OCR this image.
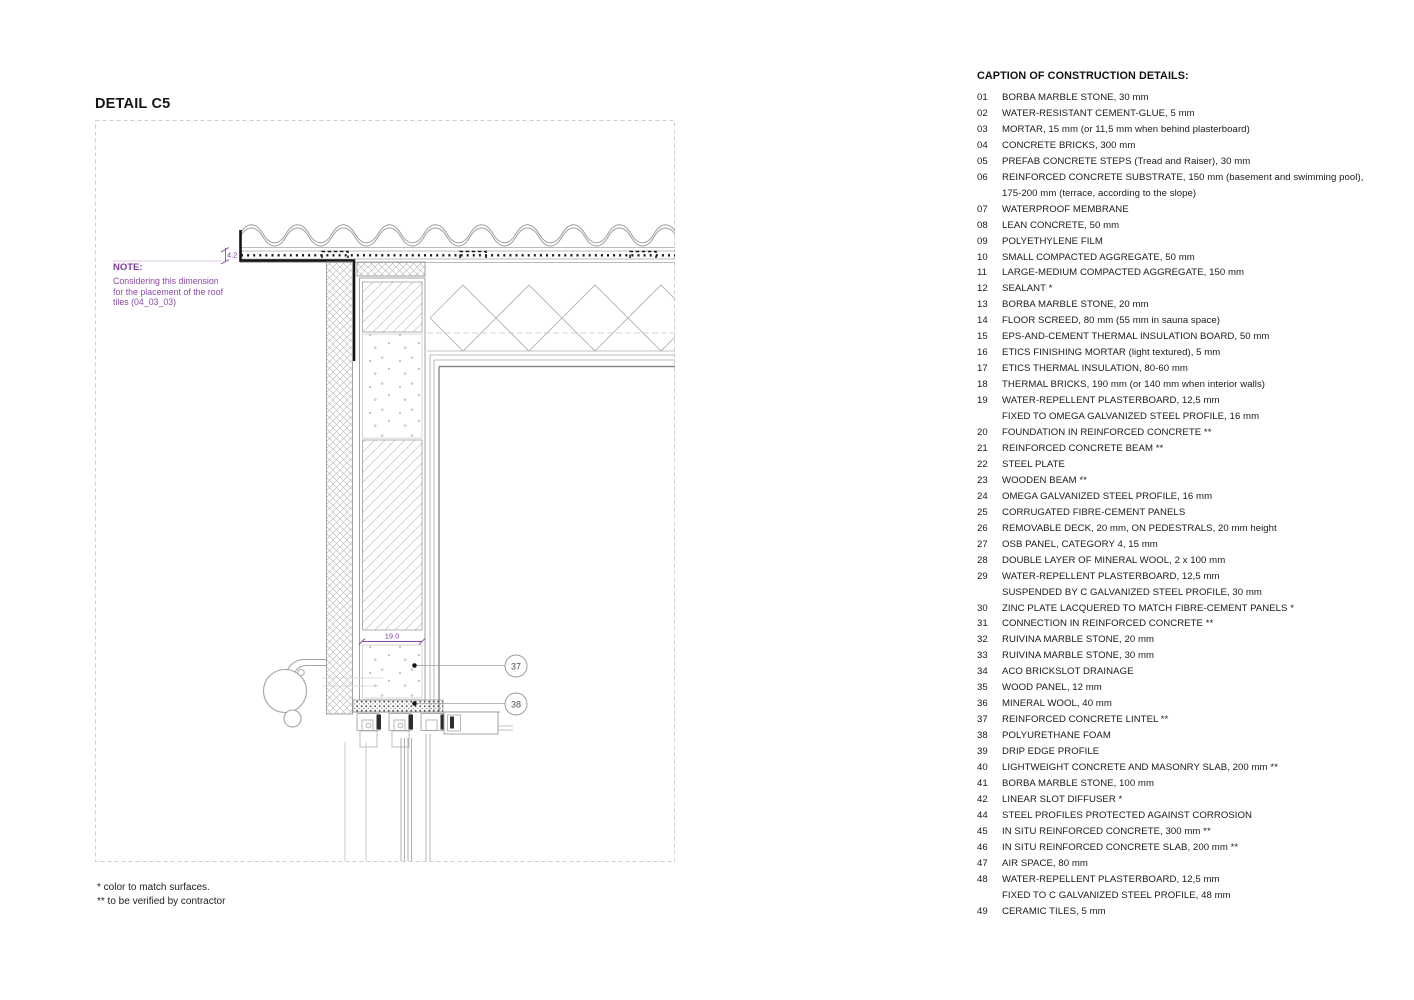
DETAIL C5
4.2
19.0
37
38
NOTE:
Considering this dimension
for the placement of the roof
tiles (04_03_03)
* color to match surfaces.
** to be verified by contractor
CAPTION OF CONSTRUCTION DETAILS:
01	BORBA MARBLE STONE, 30 mm
02	WATER-RESISTANT CEMENT-GLUE, 5 mm
03	MORTAR, 15 mm (or 11,5 mm when behind plasterboard)
04	CONCRETE BRICKS, 300 mm
05	PREFAB CONCRETE STEPS (Tread and Raiser), 30 mm
06	REINFORCED CONCRETE SUBSTRATE, 150 mm (basement and swimming pool),
175-200 mm (terrace, according to the slope)
07	WATERPROOF MEMBRANE
08	LEAN CONCRETE, 50 mm
09	POLYETHYLENE FILM
10	SMALL COMPACTED AGGREGATE, 50 mm
11	LARGE-MEDIUM COMPACTED AGGREGATE, 150 mm
12	SEALANT *
13	BORBA MARBLE STONE, 20 mm
14	FLOOR SCREED, 80 mm (55 mm in sauna space)
15	EPS-AND-CEMENT THERMAL INSULATION BOARD, 50 mm
16	ETICS FINISHING MORTAR (light textured), 5 mm
17	ETICS THERMAL INSULATION, 80-60 mm
18	THERMAL BRICKS, 190 mm (or 140 mm when interior walls)
19	WATER-REPELLENT PLASTERBOARD, 12,5 mm
FIXED TO OMEGA GALVANIZED STEEL PROFILE, 16 mm
20	FOUNDATION IN REINFORCED CONCRETE **
21	REINFORCED CONCRETE BEAM **
22	STEEL PLATE
23	WOODEN BEAM **
24	OMEGA GALVANIZED STEEL PROFILE, 16 mm
25	CORRUGATED FIBRE-CEMENT PANELS
26	REMOVABLE DECK, 20 mm, ON PEDESTRALS, 20 mm height
27	OSB PANEL, CATEGORY 4, 15 mm
28	DOUBLE LAYER OF MINERAL WOOL, 2 x 100 mm
29	WATER-REPELLENT PLASTERBOARD, 12,5 mm
SUSPENDED BY C GALVANIZED STEEL PROFILE, 30 mm
30	ZINC PLATE LACQUERED TO MATCH FIBRE-CEMENT PANELS *
31	CONNECTION IN REINFORCED CONCRETE **
32	RUIVINA MARBLE STONE, 20 mm
33	RUIVINA MARBLE STONE, 30 mm
34	ACO BRICKSLOT DRAINAGE
35	WOOD PANEL, 12 mm
36	MINERAL WOOL, 40 mm
37	REINFORCED CONCRETE LINTEL **
38	POLYURETHANE FOAM
39	DRIP EDGE PROFILE
40	LIGHTWEIGHT CONCRETE AND MASONRY SLAB, 200 mm **
41	BORBA MARBLE STONE, 100 mm
42	LINEAR SLOT DIFFUSER *
44	STEEL PROFILES PROTECTED AGAINST CORROSION
45	IN SITU REINFORCED CONCRETE, 300 mm **
46	IN SITU REINFORCED CONCRETE SLAB, 200 mm **
47	AIR SPACE, 80 mm
48	WATER-REPELLENT PLASTERBOARD, 12,5 mm
FIXED TO C GALVANIZED STEEL PROFILE, 48 mm
49	CERAMIC TILES, 5 mm
